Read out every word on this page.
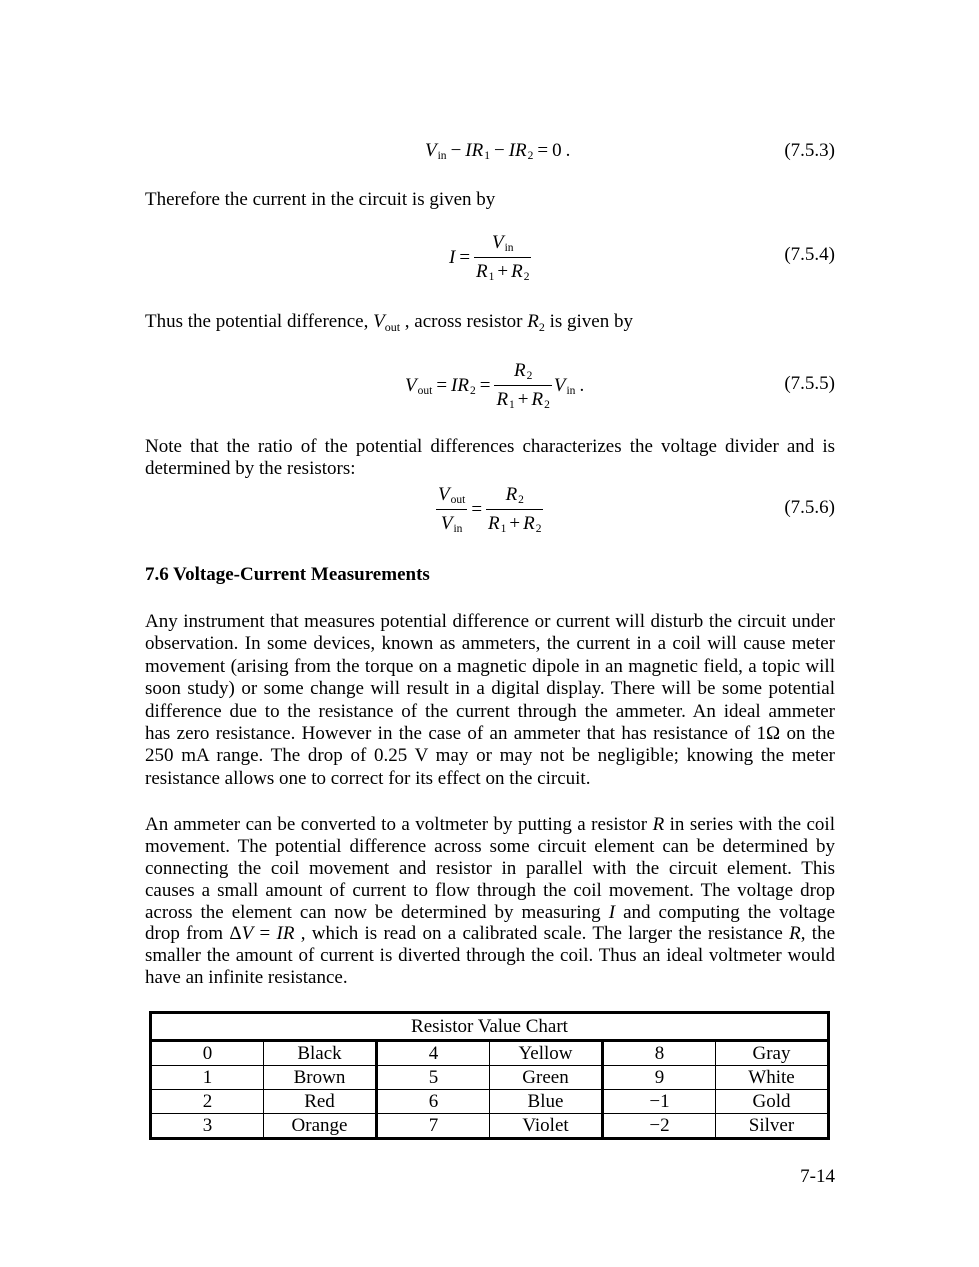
V in − IR 1 − IR 2 = 0 .	(7.5.3)
Therefore the current in the circuit is given by
$I = \frac{\text{V in}}{R 1 + R 2}$	(7.5.4)
Thus the potential difference, $V_{out}$ , across resistor $R_2$ is given by
V out = IR $2 = \frac{R 2}{R 1 + R 2}$ V in .	(7.5.5)
Note that the ratio of the potential differences characterizes the voltage divider and is
determined by the resistors:
$\frac{\text{V out}}{\text{V in}} = \frac{R 2}{R 1 + R 2}$	(7.5.6)
7.6 Voltage-Current Measurements
Any instrument that measures potential difference or current will disturb the circuit under
observation. In some devices, known as ammeters, the current in a coil will cause meter
movement (arising from the torque on a magnetic dipole in an magnetic field, a topic will
soon study) or some change will result in a digital display. There will be some potential
difference due to the resistance of the current through the ammeter. An ideal ammeter
has zero resistance. However in the case of an ammeter that has resistance of 1Ω on the
250 mA range. The drop of 0.25 V may or may not be negligible; knowing the meter
resistance allows one to correct for its effect on the circuit.
An ammeter can be converted to a voltmeter by putting a resistor R in series with the coil
movement. The potential difference across some circuit element can be determined by
connecting the coil movement and resistor in parallel with the circuit element. This
causes a small amount of current to flow through the coil movement. The voltage drop
across the element can now be determined by measuring I and computing the voltage
drop from ΔV = IR , which is read on a calibrated scale. The larger the resistance R, the
smaller the amount of current is diverted through the coil. Thus an ideal voltmeter would
have an infinite resistance.
Resistor Value Chart					
0	Black	4	Yellow	8	Gray
1	Brown	5	Green	9	White
2	Red	6	Blue	−1	Gold
3	Orange	7	Violet	−2	Silver
7-14
